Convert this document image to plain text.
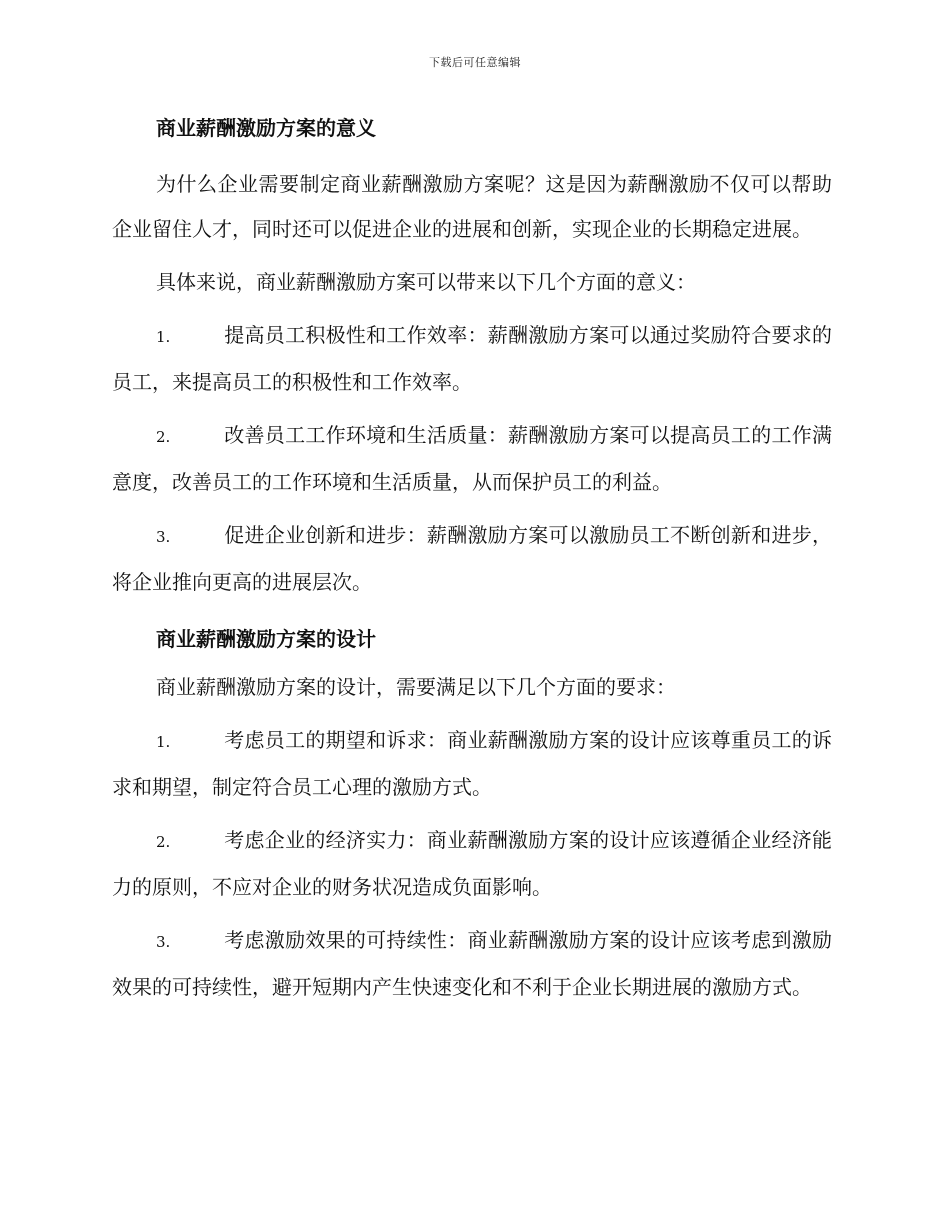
下载后可任意编辑
商业薪酬激励方案的意义

为什么企业需要制定商业薪酬激励方案呢？这是因为薪酬激励不仅可以帮助企业留住人才，同时还可以促进企业的进展和创新，实现企业的长期稳定进展。

具体来说，商业薪酬激励方案可以带来以下几个方面的意义：

1.	提高员工积极性和工作效率：薪酬激励方案可以通过奖励符合要求的员工，来提高员工的积极性和工作效率。

2.	改善员工工作环境和生活质量：薪酬激励方案可以提高员工的工作满意度，改善员工的工作环境和生活质量，从而保护员工的利益。

3.	促进企业创新和进步：薪酬激励方案可以激励员工不断创新和进步，将企业推向更高的进展层次。

商业薪酬激励方案的设计

商业薪酬激励方案的设计，需要满足以下几个方面的要求：

1.	考虑员工的期望和诉求：商业薪酬激励方案的设计应该尊重员工的诉求和期望，制定符合员工心理的激励方式。

2.	考虑企业的经济实力：商业薪酬激励方案的设计应该遵循企业经济能力的原则，不应对企业的财务状况造成负面影响。

3.	考虑激励效果的可持续性：商业薪酬激励方案的设计应该考虑到激励效果的可持续性，避开短期内产生快速变化和不利于企业长期进展的激励方式。
